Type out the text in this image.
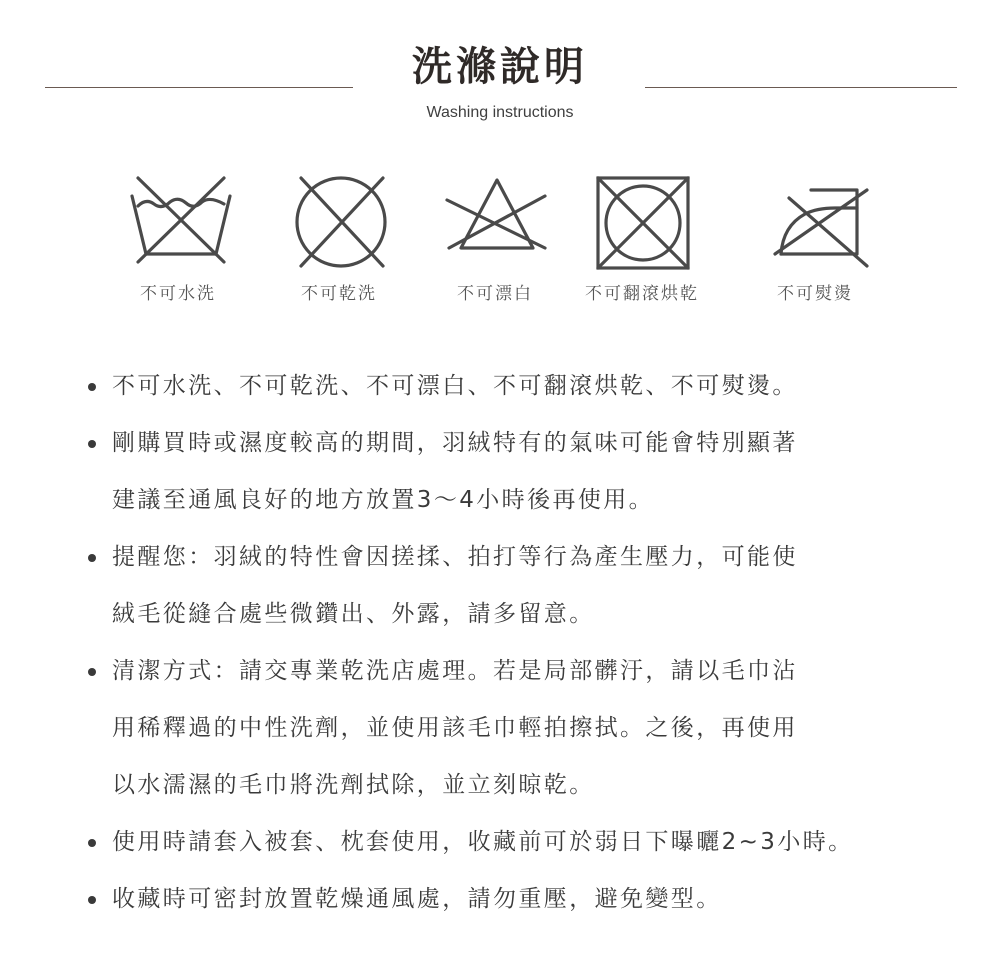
洗滌說明
Washing instructions
不可水洗	不可乾洗	不可漂白	不可翻滾烘乾	不可熨燙
不可水洗、不可乾洗、不可漂白、不可翻滾烘乾、不可熨燙。
剛購買時或濕度較高的期間，羽絨特有的氣味可能會特別顯著
建議至通風良好的地方放置3～4小時後再使用。
提醒您：羽絨的特性會因搓揉、拍打等行為產生壓力，可能使
絨毛從縫合處些微鑽出、外露，請多留意。
清潔方式：請交專業乾洗店處理。若是局部髒汙，請以毛巾沾
用稀釋過的中性洗劑，並使用該毛巾輕拍擦拭。之後，再使用
以水濡濕的毛巾將洗劑拭除，並立刻晾乾。
使用時請套入被套、枕套使用，收藏前可於弱日下曝曬2~3小時。
收藏時可密封放置乾燥通風處，請勿重壓，避免變型。
